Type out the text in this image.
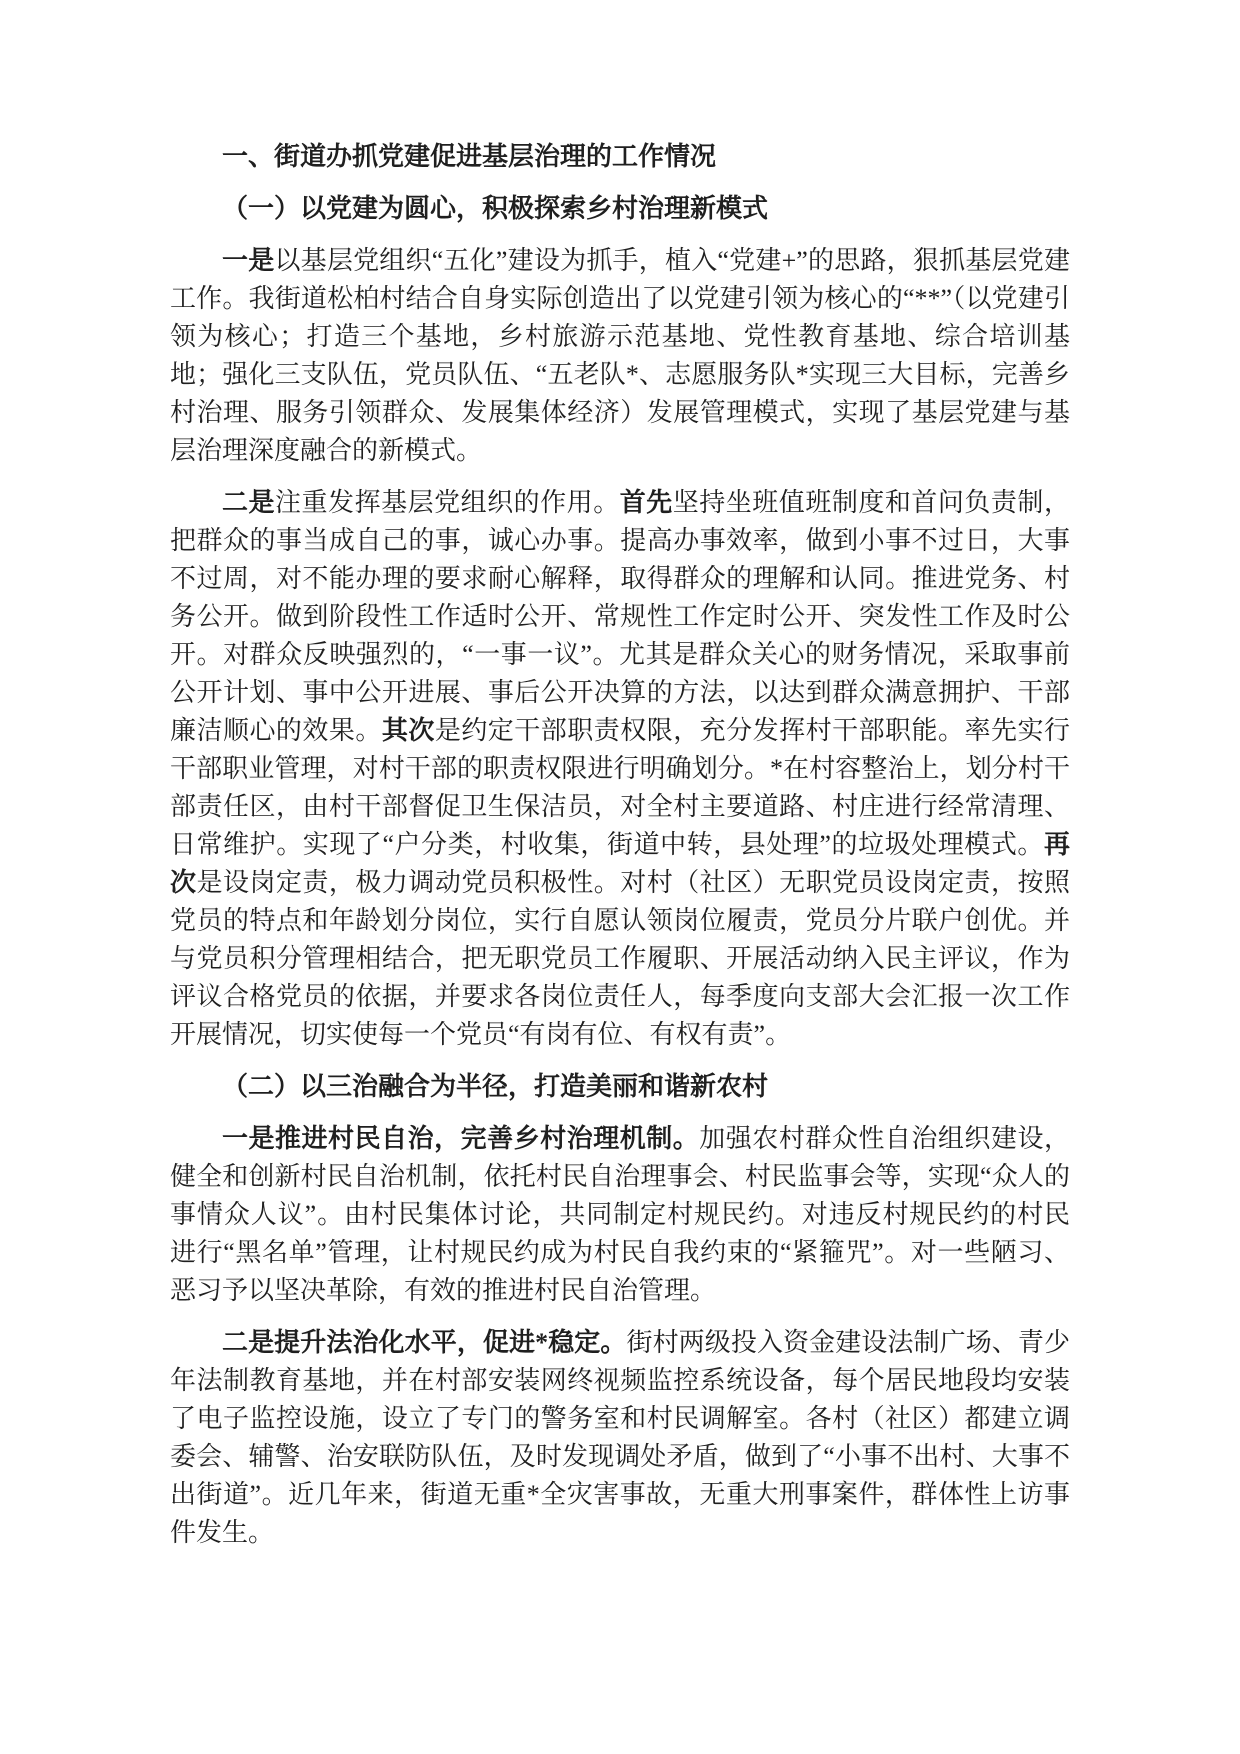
一、街道办抓党建促进基层治理的工作情况
（一）以党建为圆心，积极探索乡村治理新模式

一是以基层党组织“五化”建设为抓手，植入“党建+”的思路，狠抓基层党建工作。我街道松柏村结合自身实际创造出了以党建引领为核心的“**”（以党建引领为核心；打造三个基地，乡村旅游示范基地、党性教育基地、综合培训基地；强化三支队伍，党员队伍、“五老队*、志愿服务队*实现三大目标，完善乡村治理、服务引领群众、发展集体经济）发展管理模式，实现了基层党建与基层治理深度融合的新模式。

二是注重发挥基层党组织的作用。首先坚持坐班值班制度和首问负责制，把群众的事当成自己的事，诚心办事。提高办事效率，做到小事不过日，大事不过周，对不能办理的要求耐心解释，取得群众的理解和认同。推进党务、村务公开。做到阶段性工作适时公开、常规性工作定时公开、突发性工作及时公开。对群众反映强烈的，“一事一议”。尤其是群众关心的财务情况，采取事前公开计划、事中公开进展、事后公开决算的方法，以达到群众满意拥护、干部廉洁顺心的效果。其次是约定干部职责权限，充分发挥村干部职能。率先实行干部职业管理，对村干部的职责权限进行明确划分。*在村容整治上，划分村干部责任区，由村干部督促卫生保洁员，对全村主要道路、村庄进行经常清理、日常维护。实现了“户分类，村收集，街道中转，县处理”的垃圾处理模式。再次是设岗定责，极力调动党员积极性。对村（社区）无职党员设岗定责，按照党员的特点和年龄划分岗位，实行自愿认领岗位履责，党员分片联户创优。并与党员积分管理相结合，把无职党员工作履职、开展活动纳入民主评议，作为评议合格党员的依据，并要求各岗位责任人，每季度向支部大会汇报一次工作开展情况，切实使每一个党员“有岗有位、有权有责”。

（二）以三治融合为半径，打造美丽和谐新农村

一是推进村民自治，完善乡村治理机制。加强农村群众性自治组织建设，健全和创新村民自治机制，依托村民自治理事会、村民监事会等，实现“众人的事情众人议”。由村民集体讨论，共同制定村规民约。对违反村规民约的村民 进行“黑名单”管理，让村规民约成为村民自我约束的“紧箍咒”。对一些陋习、恶习予以坚决革除，有效的推进村民自治管理。

二是提升法治化水平，促进*稳定。街村两级投入资金建设法制广场、青少年法制教育基地，并在村部安装网终视频监控系统设备，每个居民地段均安装了电子监控设施，设立了专门的警务室和村民调解室。各村（社区）都建立调委会、辅警、治安联防队伍，及时发现调处矛盾，做到了“小事不出村、大事不出街道”。近几年来，街道无重*全灾害事故，无重大刑事案件，群体性上访事件发生。
